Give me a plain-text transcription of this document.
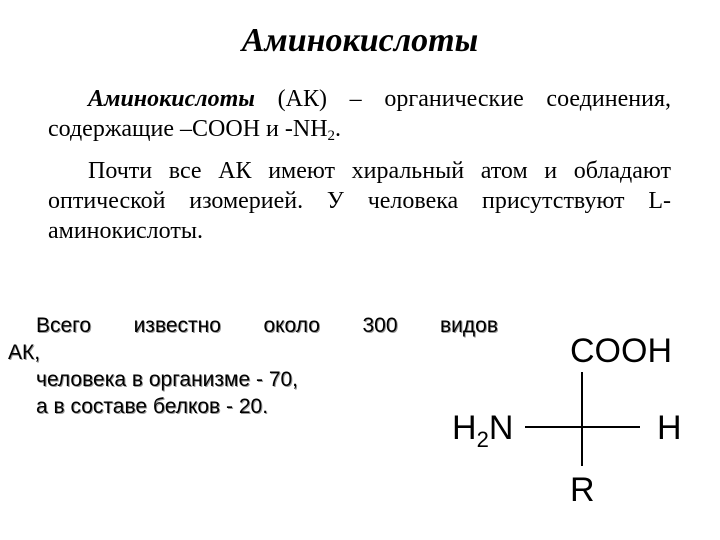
Аминокислоты

Аминокислоты (АК) – органические соединения, содержащие –СООН и -NH2.

Почти все АК имеют хиральный атом и обладают оптической изомерией. У человека присутствуют L-аминокислоты.

Всего известно около 300 видов
АК,
человека в организме - 70,
а в составе белков - 20.
COOH
$H_2N$	H
R
